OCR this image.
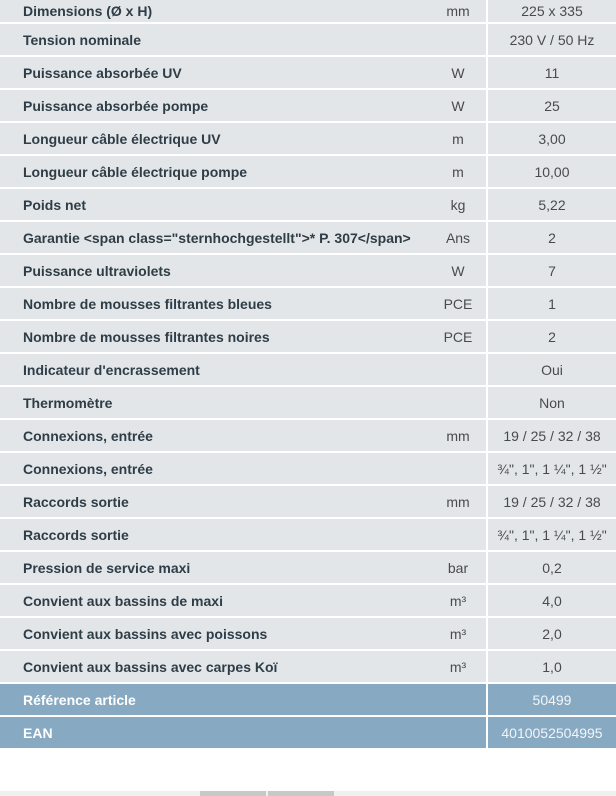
Dimensions (Ø x H)	mm	225 x 335
Tension nominale		230 V / 50 Hz
Puissance absorbée UV	W	11
Puissance absorbée pompe	W	25
Longueur câble électrique UV	m	3,00
Longueur câble électrique pompe	m	10,00
Poids net	kg	5,22
Garantie <span class="sternhochgestellt">* P. 307</span>	Ans	2
Puissance ultraviolets	W	7
Nombre de mousses filtrantes bleues	PCE	1
Nombre de mousses filtrantes noires	PCE	2
Indicateur d'encrassement		Oui
Thermomètre		Non
Connexions, entrée	mm	19 / 25 / 32 / 38
Connexions, entrée		¾", 1", 1 ¼", 1 ½"
Raccords sortie	mm	19 / 25 / 32 / 38
Raccords sortie		¾", 1", 1 ¼", 1 ½"
Pression de service maxi	bar	0,2
Convient aux bassins de maxi	m³	4,0
Convient aux bassins avec poissons	m³	2,0
Convient aux bassins avec carpes Koï	m³	1,0
Référence article		50499
EAN		4010052504995
